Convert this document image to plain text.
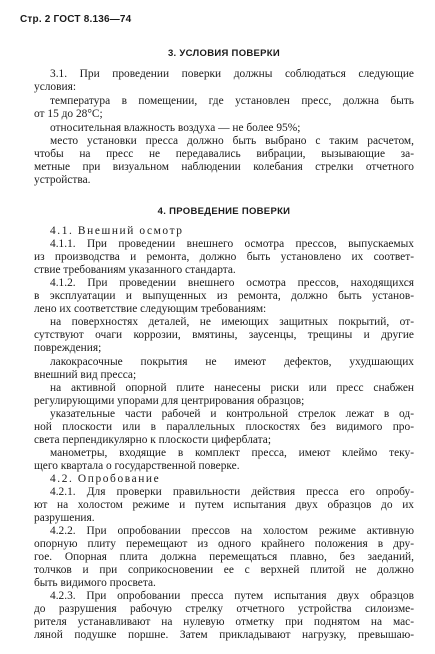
Стр. 2 ГОСТ 8.136—74
3. УСЛОВИЯ ПОВЕРКИ
3.1. При проведении поверки должны соблюдаться следующие
условия:
температура в помещении, где установлен пресс, должна быть
от 15 до 28°С;
относительная влажность воздуха — не более 95%;
место установки пресса должно быть выбрано с таким расчетом,
чтобы на пресс не передавались вибрации, вызывающие за-
метные при визуальном наблюдении колебания стрелки отчетного
устройства.
4. ПРОВЕДЕНИЕ ПОВЕРКИ
4.1. Внешний осмотр
4.1.1. При проведении внешнего осмотра прессов, выпускаемых
из производства и ремонта, должно быть установлено их соответ-
ствие требованиям указанного стандарта.
4.1.2. При проведении внешнего осмотра прессов, находящихся
в эксплуатации и выпущенных из ремонта, должно быть установ-
лено их соответствие следующим требованиям:
на поверхностях деталей, не имеющих защитных покрытий, от-
сутствуют очаги коррозии, вмятины, заусенцы, трещины и другие
повреждения;
лакокрасочные покрытия не имеют дефектов, ухудшающих
внешний вид пресса;
на активной опорной плите нанесены риски или пресс снабжен
регулирующими упорами для центрирования образцов;
указательные части рабочей и контрольной стрелок лежат в од-
ной плоскости или в параллельных плоскостях без видимого про-
света перпендикулярно к плоскости циферблата;
манометры, входящие в комплект пресса, имеют клеймо теку-
щего квартала о государственной поверке.
4.2. Опробование
4.2.1. Для проверки правильности действия пресса его опробу-
ют на холостом режиме и путем испытания двух образцов до их
разрушения.
4.2.2. При опробовании прессов на холостом режиме активную
опорную плиту перемещают из одного крайнего положения в дру-
гое. Опорная плита должна перемещаться плавно, без заеданий,
толчков и при соприкосновении ее с верхней плитой не должно
быть видимого просвета.
4.2.3. При опробовании пресса путем испытания двух образцов
до разрушения рабочую стрелку отчетного устройства силоизме-
рителя устанавливают на нулевую отметку при поднятом на мас-
ляной подушке поршне. Затем прикладывают нагрузку, превышаю-
